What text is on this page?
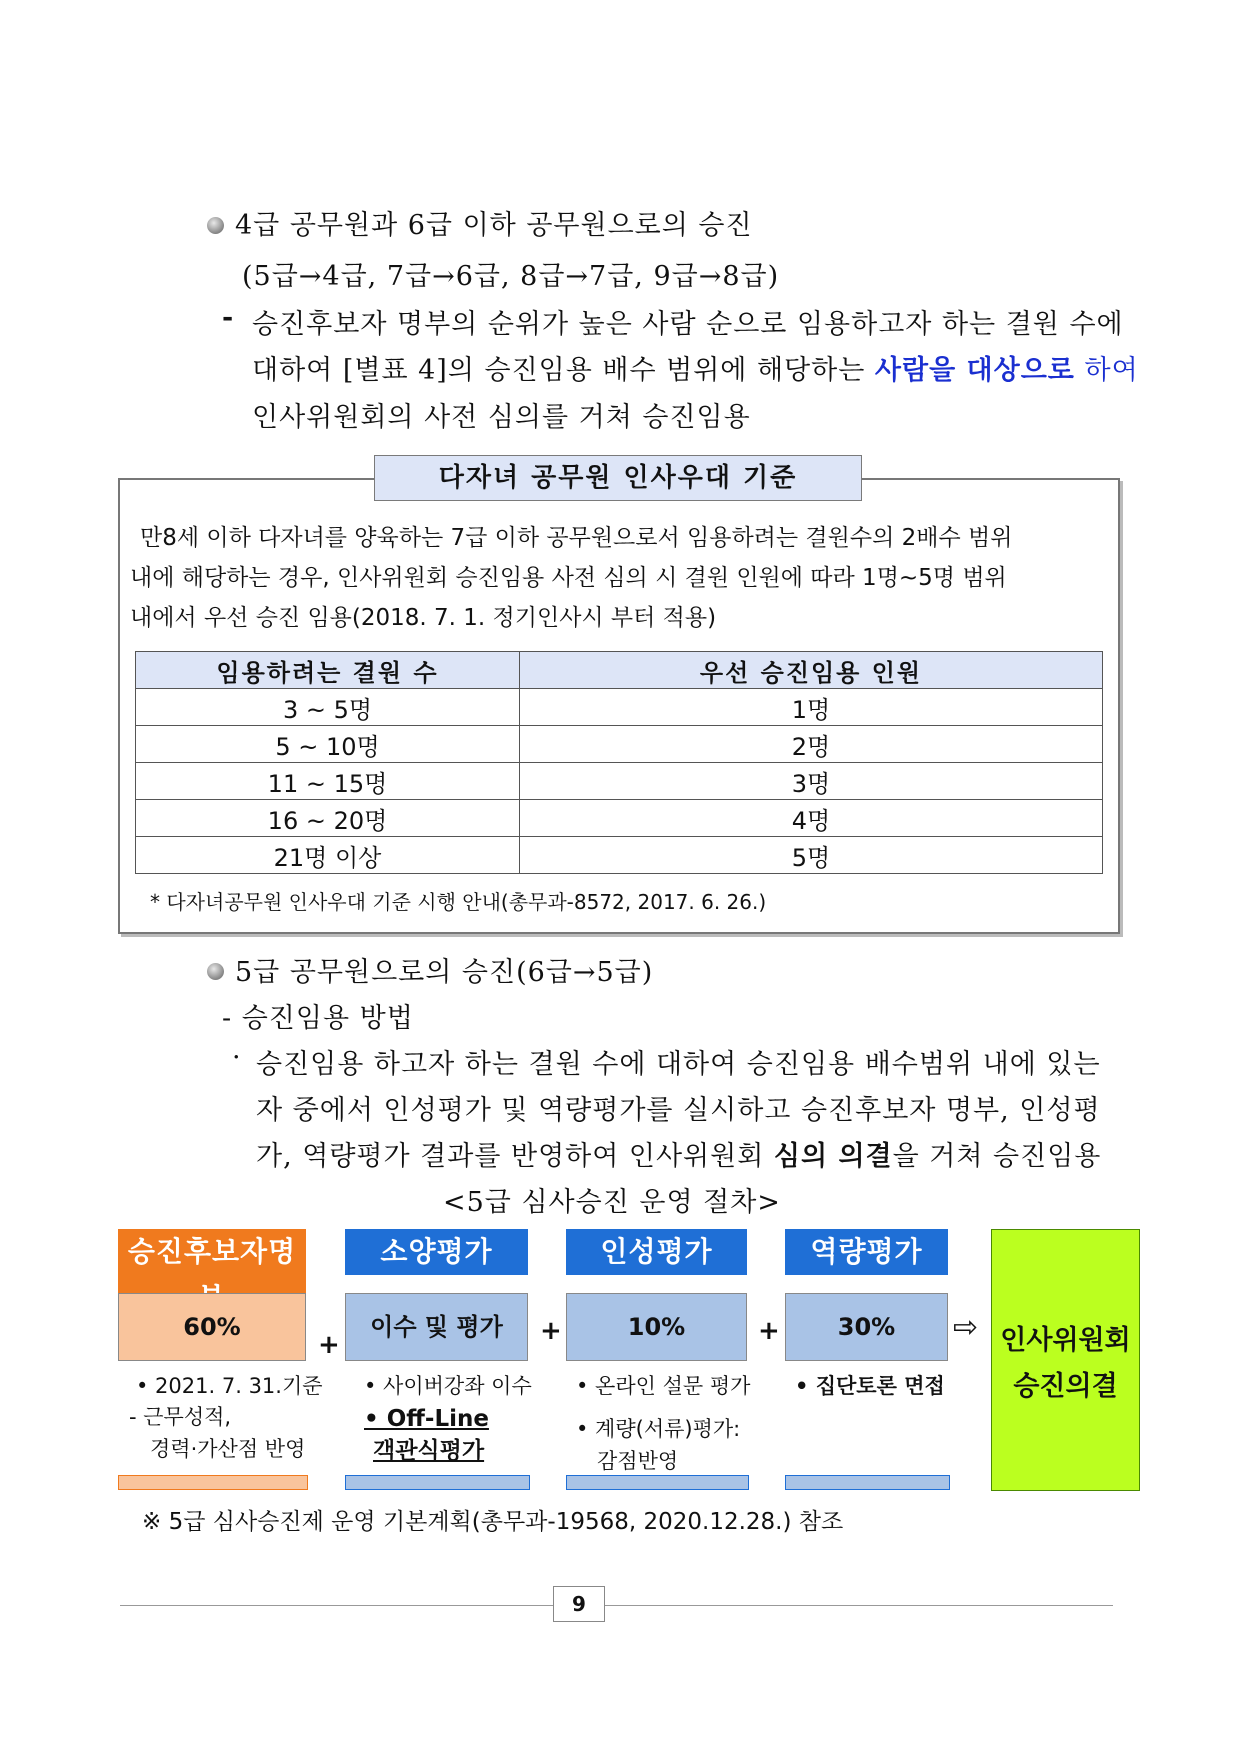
4급 공무원과 6급 이하 공무원으로의 승진
(5급→4급, 7급→6급, 8급→7급, 9급→8급)
- 승진후보자 명부의 순위가 높은 사람 순으로 임용하고자 하는 결원 수에
대하여 [별표 4]의 승진임용 배수 범위에 해당하는 사람을 대상으로 하여
인사위원회의 사전 심의를 거쳐 승진임용
다자녀 공무원 인사우대 기준
만8세 이하 다자녀를 양육하는 7급 이하 공무원으로서 임용하려는 결원수의 2배수 범위
내에 해당하는 경우, 인사위원회 승진임용 사전 심의 시 결원 인원에 따라 1명~5명 범위
내에서 우선 승진 임용(2018. 7. 1. 정기인사시 부터 적용)
임용하려는 결원 수	우선 승진임용 인원
3 ~ 5명	1명
5 ~ 10명	2명
11 ~ 15명	3명
16 ~ 20명	4명
21명 이상	5명
* 다자녀공무원 인사우대 기준 시행 안내(총무과-8572, 2017. 6. 26.)
5급 공무원으로의 승진(6급→5급)
- 승진임용 방법
· 승진임용 하고자 하는 결원 수에 대하여 승진임용 배수범위 내에 있는
자 중에서 인성평가 및 역량평가를 실시하고 승진후보자 명부, 인성평
가, 역량평가 결과를 반영하여 인사위원회 심의 의결을 거쳐 승진임용
<5급 심사승진 운영 절차>
승진후보자명
60%
• 2021. 7. 31.기준
- 근무성적,
경력·가산점 반영
+
소양평가
이수 및 평가
• 사이버강좌 이수
• Off-Line
객관식평가
+
인성평가
10%
• 온라인 설문 평가
• 계량(서류)평가:
감점반영
+
역량평가
30%
• 집단토론 면접
⇨ 인사위원회
승진의결
※ 5급 심사승진제 운영 기본계획(총무과-19568, 2020.12.28.) 참조
9
